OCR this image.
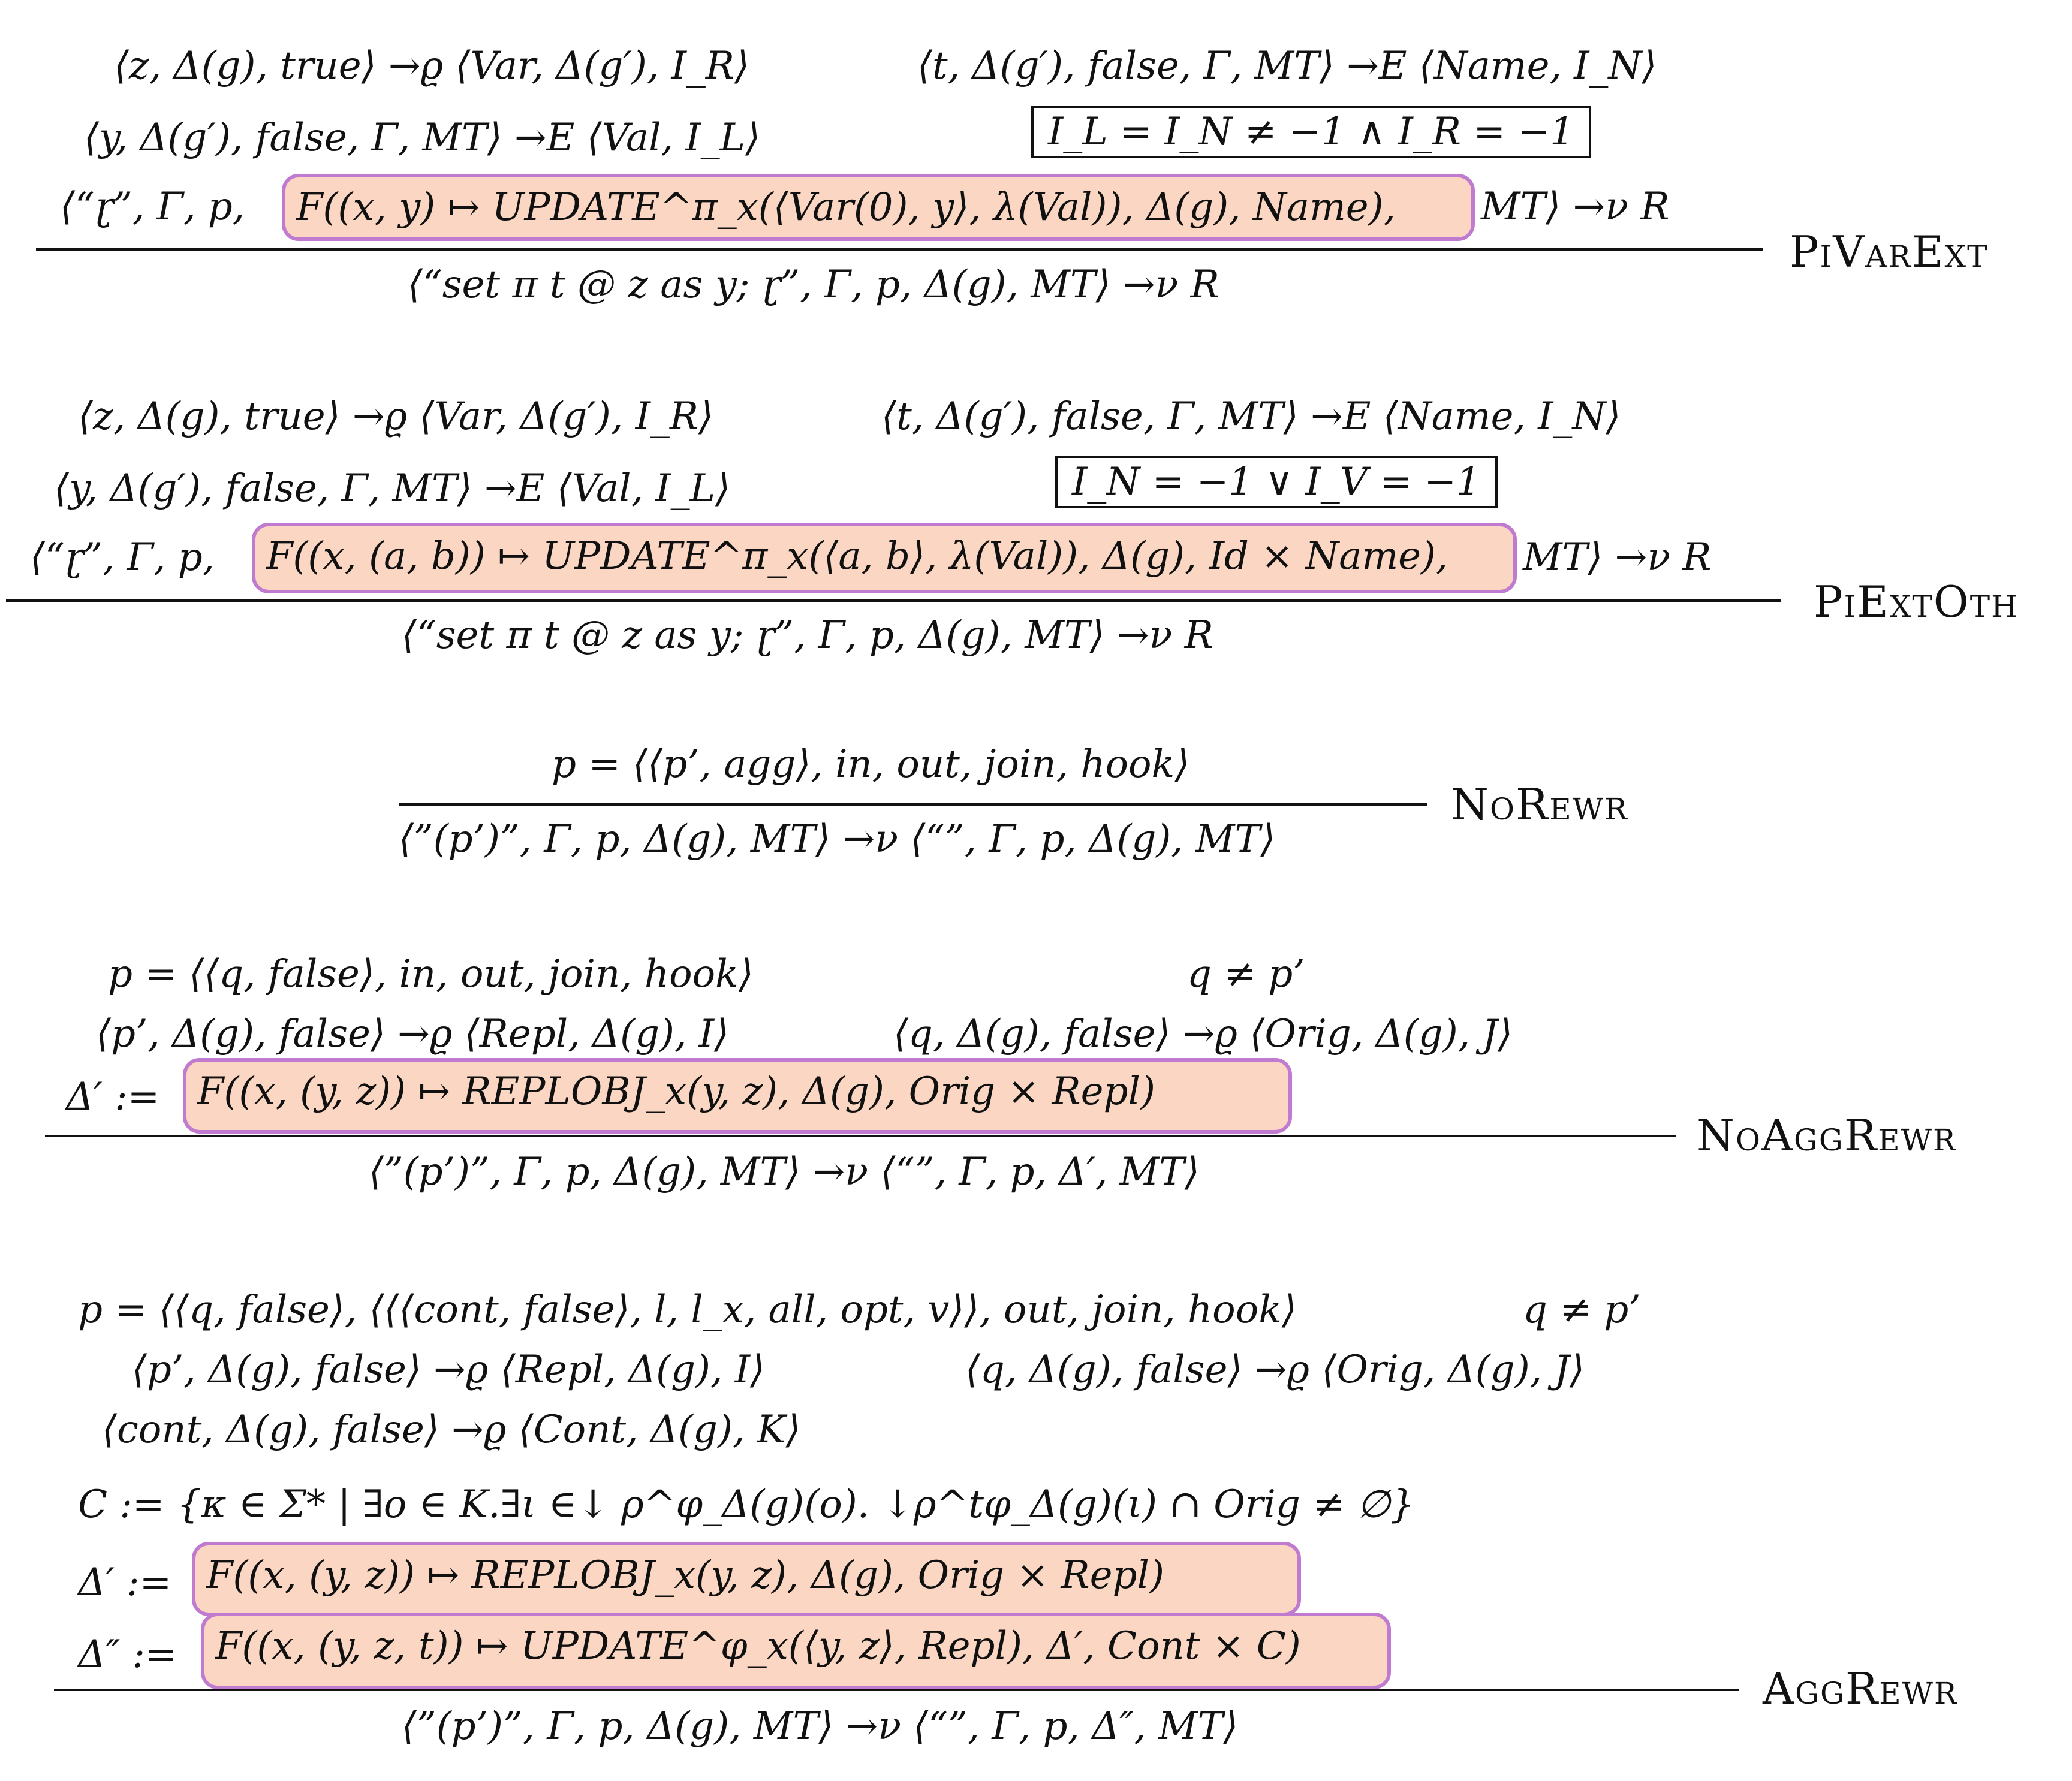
⟨z, Δ(g), true⟩ →ϱ ⟨Var, Δ(g′), I_R⟩	⟨t, Δ(g′), false, Γ, MT⟩ →E ⟨Name, I_N⟩
⟨y, Δ(g′), false, Γ, MT⟩ →E ⟨Val, I_L⟩	I_L = I_N ≠ −1 ∧ I_R = −1
⟨“ɽ”, Γ, p,	F((x, y) ↦ UPDATE^π_x(⟨Var(0), y⟩, λ(Val)), Δ(g), Name),	MT⟩ →ν R
PiVarExt
⟨“set π t @ z as y; ɽ”, Γ, p, Δ(g), MT⟩ →ν R
⟨z, Δ(g), true⟩ →ϱ ⟨Var, Δ(g′), I_R⟩	⟨t, Δ(g′), false, Γ, MT⟩ →E ⟨Name, I_N⟩
⟨y, Δ(g′), false, Γ, MT⟩ →E ⟨Val, I_L⟩	I_N = −1 ∨ I_V = −1
⟨“ɽ”, Γ, p,	F((x, (a, b)) ↦ UPDATE^π_x(⟨a, b⟩, λ(Val)), Δ(g), Id × Name),	MT⟩ →ν R
PiExtOth
⟨“set π t @ z as y; ɽ”, Γ, p, Δ(g), MT⟩ →ν R
p = ⟨⟨p’, agg⟩, in, out, join, hook⟩
NoRewr
⟨”(p’)”, Γ, p, Δ(g), MT⟩ →ν ⟨“”, Γ, p, Δ(g), MT⟩
p = ⟨⟨q, false⟩, in, out, join, hook⟩	q ≠ p’
⟨p’, Δ(g), false⟩ →ϱ ⟨Repl, Δ(g), I⟩	⟨q, Δ(g), false⟩ →ϱ ⟨Orig, Δ(g), J⟩
Δ′ := F((x, (y, z)) ↦ REPLOBJ_x(y, z), Δ(g), Orig × Repl)
NoAggRewr
⟨”(p’)”, Γ, p, Δ(g), MT⟩ →ν ⟨“”, Γ, p, Δ′, MT⟩
p = ⟨⟨q, false⟩, ⟨⟨⟨cont, false⟩, l, l_x, all, opt, v⟩⟩, out, join, hook⟩	q ≠ p’
⟨p’, Δ(g), false⟩ →ϱ ⟨Repl, Δ(g), I⟩	⟨q, Δ(g), false⟩ →ϱ ⟨Orig, Δ(g), J⟩
⟨cont, Δ(g), false⟩ →ϱ ⟨Cont, Δ(g), K⟩
C := {κ ∈ Σ* | ∃o ∈ K.∃ι ∈↓ ρ^φ_Δ(g)(o). ↓ρ^tφ_Δ(g)(ι) ∩ Orig ≠ ∅}
Δ′ := F((x, (y, z)) ↦ REPLOBJ_x(y, z), Δ(g), Orig × Repl)
Δ″ := F((x, (y, z, t)) ↦ UPDATE^φ_x(⟨y, z⟩, Repl), Δ′, Cont × C)
AggRewr
⟨”(p’)”, Γ, p, Δ(g), MT⟩ →ν ⟨“”, Γ, p, Δ″, MT⟩
